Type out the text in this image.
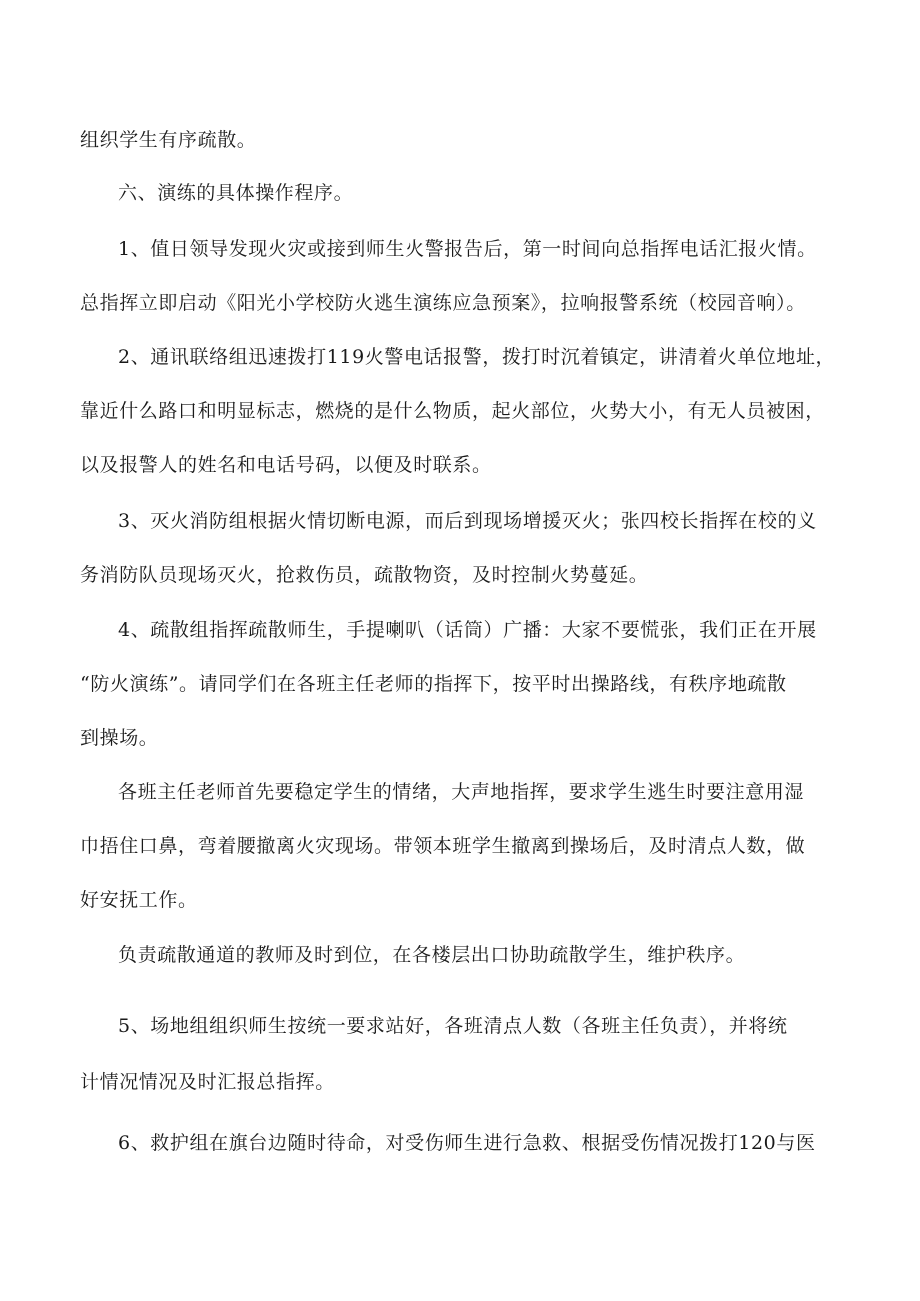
组织学生有序疏散。
六、演练的具体操作程序。
1、值日领导发现火灾或接到师生火警报告后，第一时间向总指挥电话汇报火情。
总指挥立即启动《阳光小学校防火逃生演练应急预案》，拉响报警系统（校园音响）。
2、通讯联络组迅速拨打119火警电话报警，拨打时沉着镇定，讲清着火单位地址，
靠近什么路口和明显标志，燃烧的是什么物质，起火部位，火势大小，有无人员被困，
以及报警人的姓名和电话号码，以便及时联系。
3、灭火消防组根据火情切断电源，而后到现场增援灭火；张四校长指挥在校的义
务消防队员现场灭火，抢救伤员，疏散物资，及时控制火势蔓延。
4、疏散组指挥疏散师生，手提喇叭（话筒）广播：大家不要慌张，我们正在开展
“防火演练”。请同学们在各班主任老师的指挥下，按平时出操路线，有秩序地疏散
到操场。
各班主任老师首先要稳定学生的情绪，大声地指挥，要求学生逃生时要注意用湿
巾捂住口鼻，弯着腰撤离火灾现场。带领本班学生撤离到操场后，及时清点人数，做
好安抚工作。
负责疏散通道的教师及时到位，在各楼层出口协助疏散学生，维护秩序。
5、场地组组织师生按统一要求站好，各班清点人数（各班主任负责），并将统
计情况情况及时汇报总指挥。
6、救护组在旗台边随时待命，对受伤师生进行急救、根据受伤情况拨打120与医
